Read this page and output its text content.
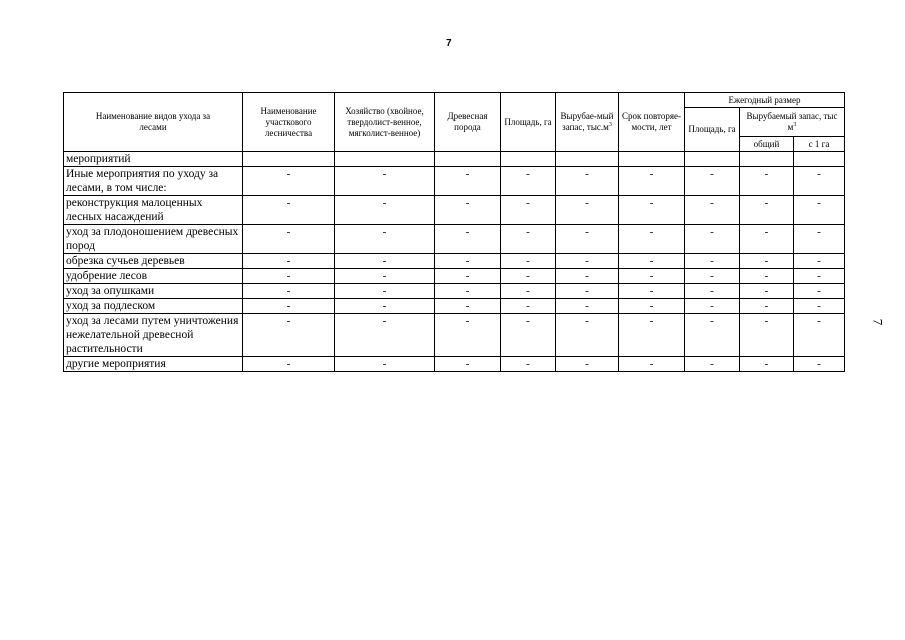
7
7
Наименование видов ухода за лесами	Наименование участкового лесничества	Хозяйство (хвойное, твердолист-венное, мягколист-венное)	Древесная порода	Площадь, га	Вырубае-мый запас, $тыс.м^3$	Срок повторяе-мости, лет	Ежегодный размер		
							Площадь, га	Вырубаемый запас, тыс $м^3$
								общий	с 1 га
мероприятий									
Иные мероприятия по уходу за лесами, в том числе:	-	-	-	-	-	-	-	-	-
реконструкция малоценных лесных насаждений	-	-	-	-	-	-	-	-	-
уход за плодоношением древесных пород	-	-	-	-	-	-	-	-	-
обрезка сучьев деревьев	-	-	-	-	-	-	-	-	-
удобрение лесов	-	-	-	-	-	-	-	-	-
уход за опушками	-	-	-	-	-	-	-	-	-
уход за подлеском	-	-	-	-	-	-	-	-	-
уход за лесами путем уничтожения нежелательной древесной растительности	-	-	-	-	-	-	-	-	-
другие мероприятия	-	-	-	-	-	-	-	-	-
